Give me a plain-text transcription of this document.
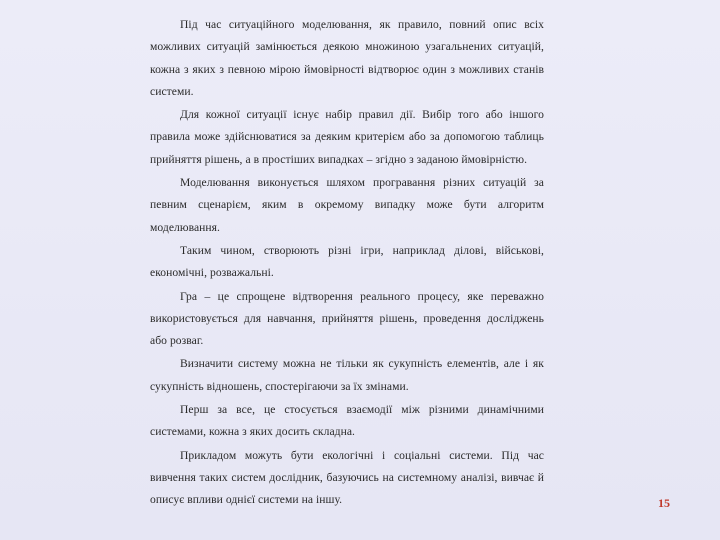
Під час ситуаційного моделювання, як правило, повний опис всіх можливих ситуацій замінюється деякою множиною узагальнених ситуацій, кожна з яких з певною мірою ймовірності відтворює один з можливих станів системи.

Для кожної ситуації існує набір правил дії. Вибір того або іншого правила може здійснюватися за деяким критерієм або за допомогою таблиць прийняття рішень, а в простіших випадках – згідно з заданою ймовірністю.

Моделювання виконується шляхом програвання різних ситуацій за певним сценарієм, яким в окремому випадку може бути алгоритм моделювання.

Таким чином, створюють різні ігри, наприклад ділові, військові, економічні, розважальні.

Гра – це спрощене відтворення реального процесу, яке переважно використовується для навчання, прийняття рішень, проведення досліджень або розваг.

Визначити систему можна не тільки як сукупність елементів, але і як сукупність відношень, спостерігаючи за їх змінами.

Перш за все, це стосується взаємодії між різними динамічними системами, кожна з яких досить складна.

Прикладом можуть бути екологічні і соціальні системи. Під час вивчення таких систем дослідник, базуючись на системному аналізі, вивчає й описує впливи однієї системи на іншу.	15
